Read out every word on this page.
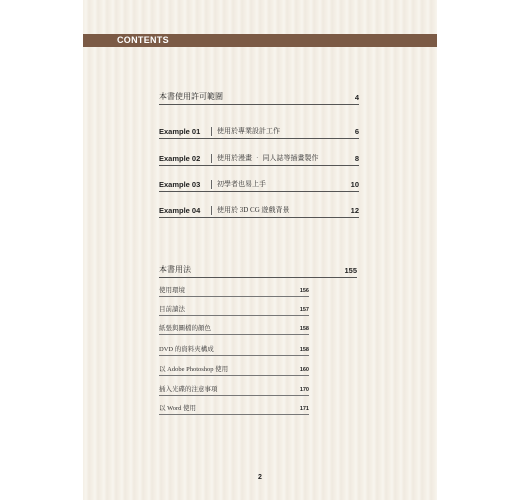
CONTENTS
本書使用許可範圍	4
Example 01 使用於專業設計工作	6
Example 02 使用於漫畫 ‧ 同人誌等插畫製作	8
Example 03 初學者也易上手	10
Example 04 使用於 3D CG 遊戲背景	12
本書用法	155
使用環境	156
目前讀法	157
紙張與圖檔的顏色	158
DVD 的資料夾構成	158
以 Adobe Photoshop 使用	160
插入光碟的注意事項	170
以 Word 使用	171
2
